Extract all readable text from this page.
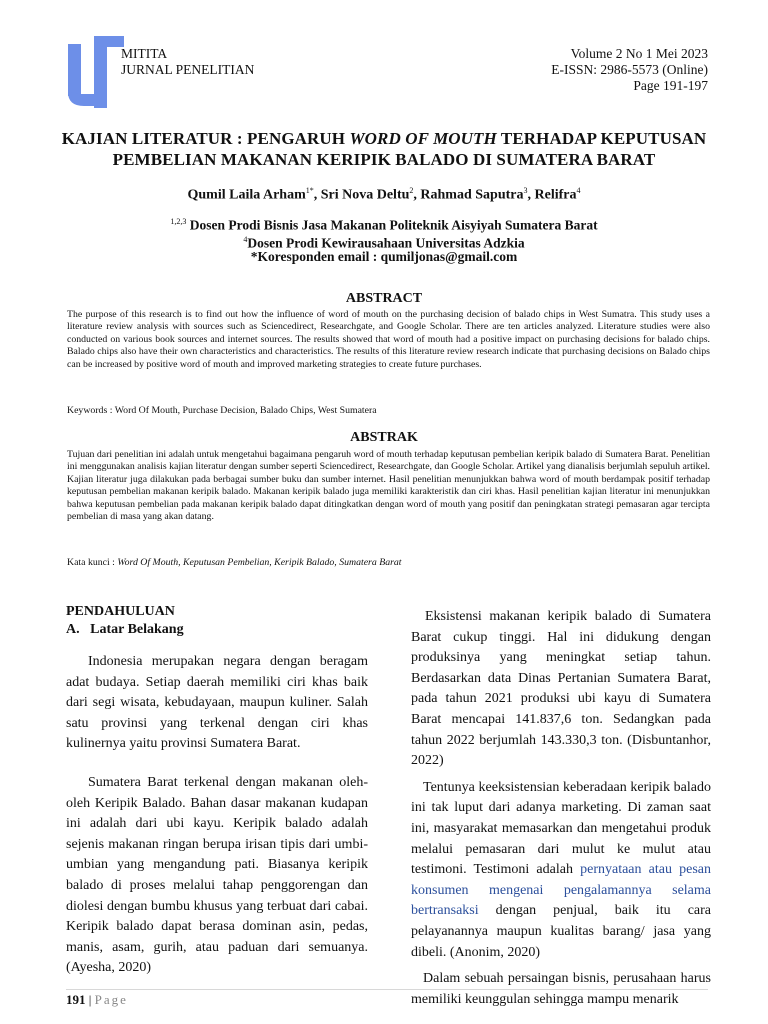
MITITA
JURNAL PENELITIAN
Volume 2 No 1 Mei 2023
E-ISSN: 2986-5573 (Online)
Page 191-197
KAJIAN LITERATUR : PENGARUH WORD OF MOUTH TERHADAP KEPUTUSAN
PEMBELIAN MAKANAN KERIPIK BALADO DI SUMATERA BARAT
Qumil Laila Arham$^{1*}$, Sri Nova Deltu$^2$, Rahmad Saputra$^3$, Relifra$^4$
$^{1,2,3}$ Dosen Prodi Bisnis Jasa Makanan Politeknik Aisyiyah Sumatera Barat
$^4$Dosen Prodi Kewirausahaan Universitas Adzkia
*Koresponden email : qumiljonas@gmail.com
ABSTRACT
The purpose of this research is to find out how the influence of word of mouth on the purchasing decision of balado chips in West Sumatra. This study uses a literature review analysis with sources such as Sciencedirect, Researchgate, and Google Scholar. There are ten articles analyzed. Literature studies were also conducted on various book sources and internet sources. The results showed that word of mouth had a positive impact on purchasing decisions for balado chips. Balado chips also have their own characteristics and characteristics. The results of this literature review research indicate that purchasing decisions on Balado chips can be increased by positive word of mouth and improved marketing strategies to create future purchases.
Keywords : Word Of Mouth, Purchase Decision, Balado Chips, West Sumatera
ABSTRAK
Tujuan dari penelitian ini adalah untuk mengetahui bagaimana pengaruh word of mouth terhadap keputusan pembelian keripik balado di Sumatera Barat. Penelitian ini menggunakan analisis kajian literatur dengan sumber seperti Sciencedirect, Researchgate, dan Google Scholar. Artikel yang dianalisis berjumlah sepuluh artikel. Kajian literatur juga dilakukan pada berbagai sumber buku dan sumber internet. Hasil penelitian menunjukkan bahwa word of mouth berdampak positif terhadap keputusan pembelian makanan keripik balado. Makanan keripik balado juga memiliki karakteristik dan ciri khas. Hasil penelitian kajian literatur ini menunjukkan bahwa keputusan pembelian pada makanan keripik balado dapat ditingkatkan dengan word of mouth yang positif dan peningkatan strategi pemasaran agar tercipta pembelian di masa yang akan datang.
Kata kunci : Word Of Mouth, Keputusan Pembelian, Keripik Balado, Sumatera Barat
PENDAHULUAN
A.   Latar Belakang

Indonesia merupakan negara dengan beragam adat budaya. Setiap daerah memiliki ciri khas baik dari segi wisata, kebudayaan, maupun kuliner. Salah satu provinsi yang terkenal dengan ciri khas kulinernya yaitu provinsi Sumatera Barat.

Sumatera Barat terkenal dengan makanan oleh-oleh Keripik Balado. Bahan dasar makanan kudapan ini adalah dari ubi kayu. Keripik balado adalah sejenis makanan ringan berupa irisan tipis dari umbi-umbian yang mengandung pati. Biasanya keripik balado di proses melalui tahap penggorengan dan diolesi dengan bumbu khusus yang terbuat dari cabai. Keripik balado dapat berasa dominan asin, pedas, manis, asam, gurih, atau paduan dari semuanya. (Ayesha, 2020)

Eksistensi makanan keripik balado di Sumatera Barat cukup tinggi. Hal ini didukung dengan produksinya yang meningkat setiap tahun. Berdasarkan data Dinas Pertanian Sumatera Barat, pada tahun 2021 produksi ubi kayu di Sumatera Barat mencapai 141.837,6 ton. Sedangkan pada tahun 2022 berjumlah 143.330,3 ton. (Disbuntanhor, 2022)

Tentunya keeksistensian keberadaan keripik balado ini tak luput dari adanya marketing. Di zaman saat ini, masyarakat memasarkan dan mengetahui produk melalui pemasaran dari mulut ke mulut atau testimoni. Testimoni adalah pernyataan atau pesan konsumen mengenai pengalamannya selama bertransaksi dengan penjual, baik itu cara pelayanannya maupun kualitas barang/ jasa yang dibeli. (Anonim, 2020)

Dalam sebuah persaingan bisnis, perusahaan harus memiliki keunggulan sehingga mampu menarik

191 | Page
